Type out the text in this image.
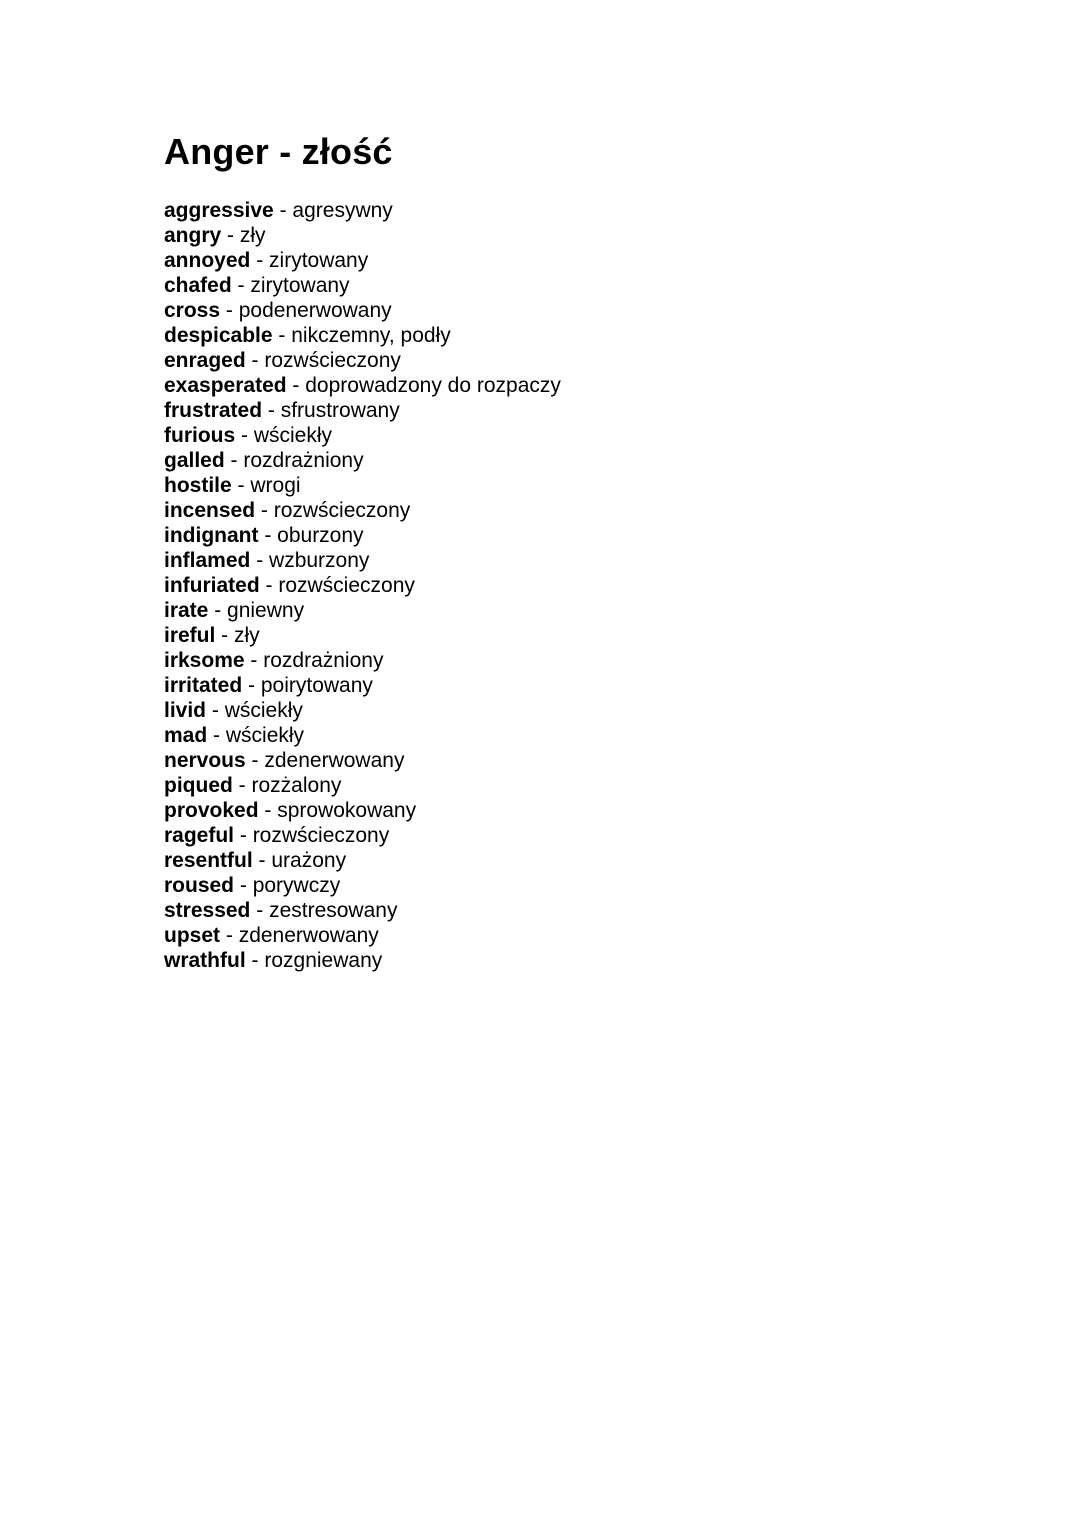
Anger - złość
aggressive - agresywny
angry - zły
annoyed - zirytowany
chafed - zirytowany
cross - podenerwowany
despicable - nikczemny, podły
enraged - rozwścieczony
exasperated - doprowadzony do rozpaczy
frustrated - sfrustrowany
furious - wściekły
galled - rozdrażniony
hostile - wrogi
incensed - rozwścieczony
indignant - oburzony
inflamed - wzburzony
infuriated - rozwścieczony
irate - gniewny
ireful - zły
irksome - rozdrażniony
irritated - poirytowany
livid - wściekły
mad - wściekły
nervous - zdenerwowany
piqued - rozżalony
provoked - sprowokowany
rageful - rozwścieczony
resentful - urażony
roused - porywczy
stressed - zestresowany
upset - zdenerwowany
wrathful - rozgniewany
